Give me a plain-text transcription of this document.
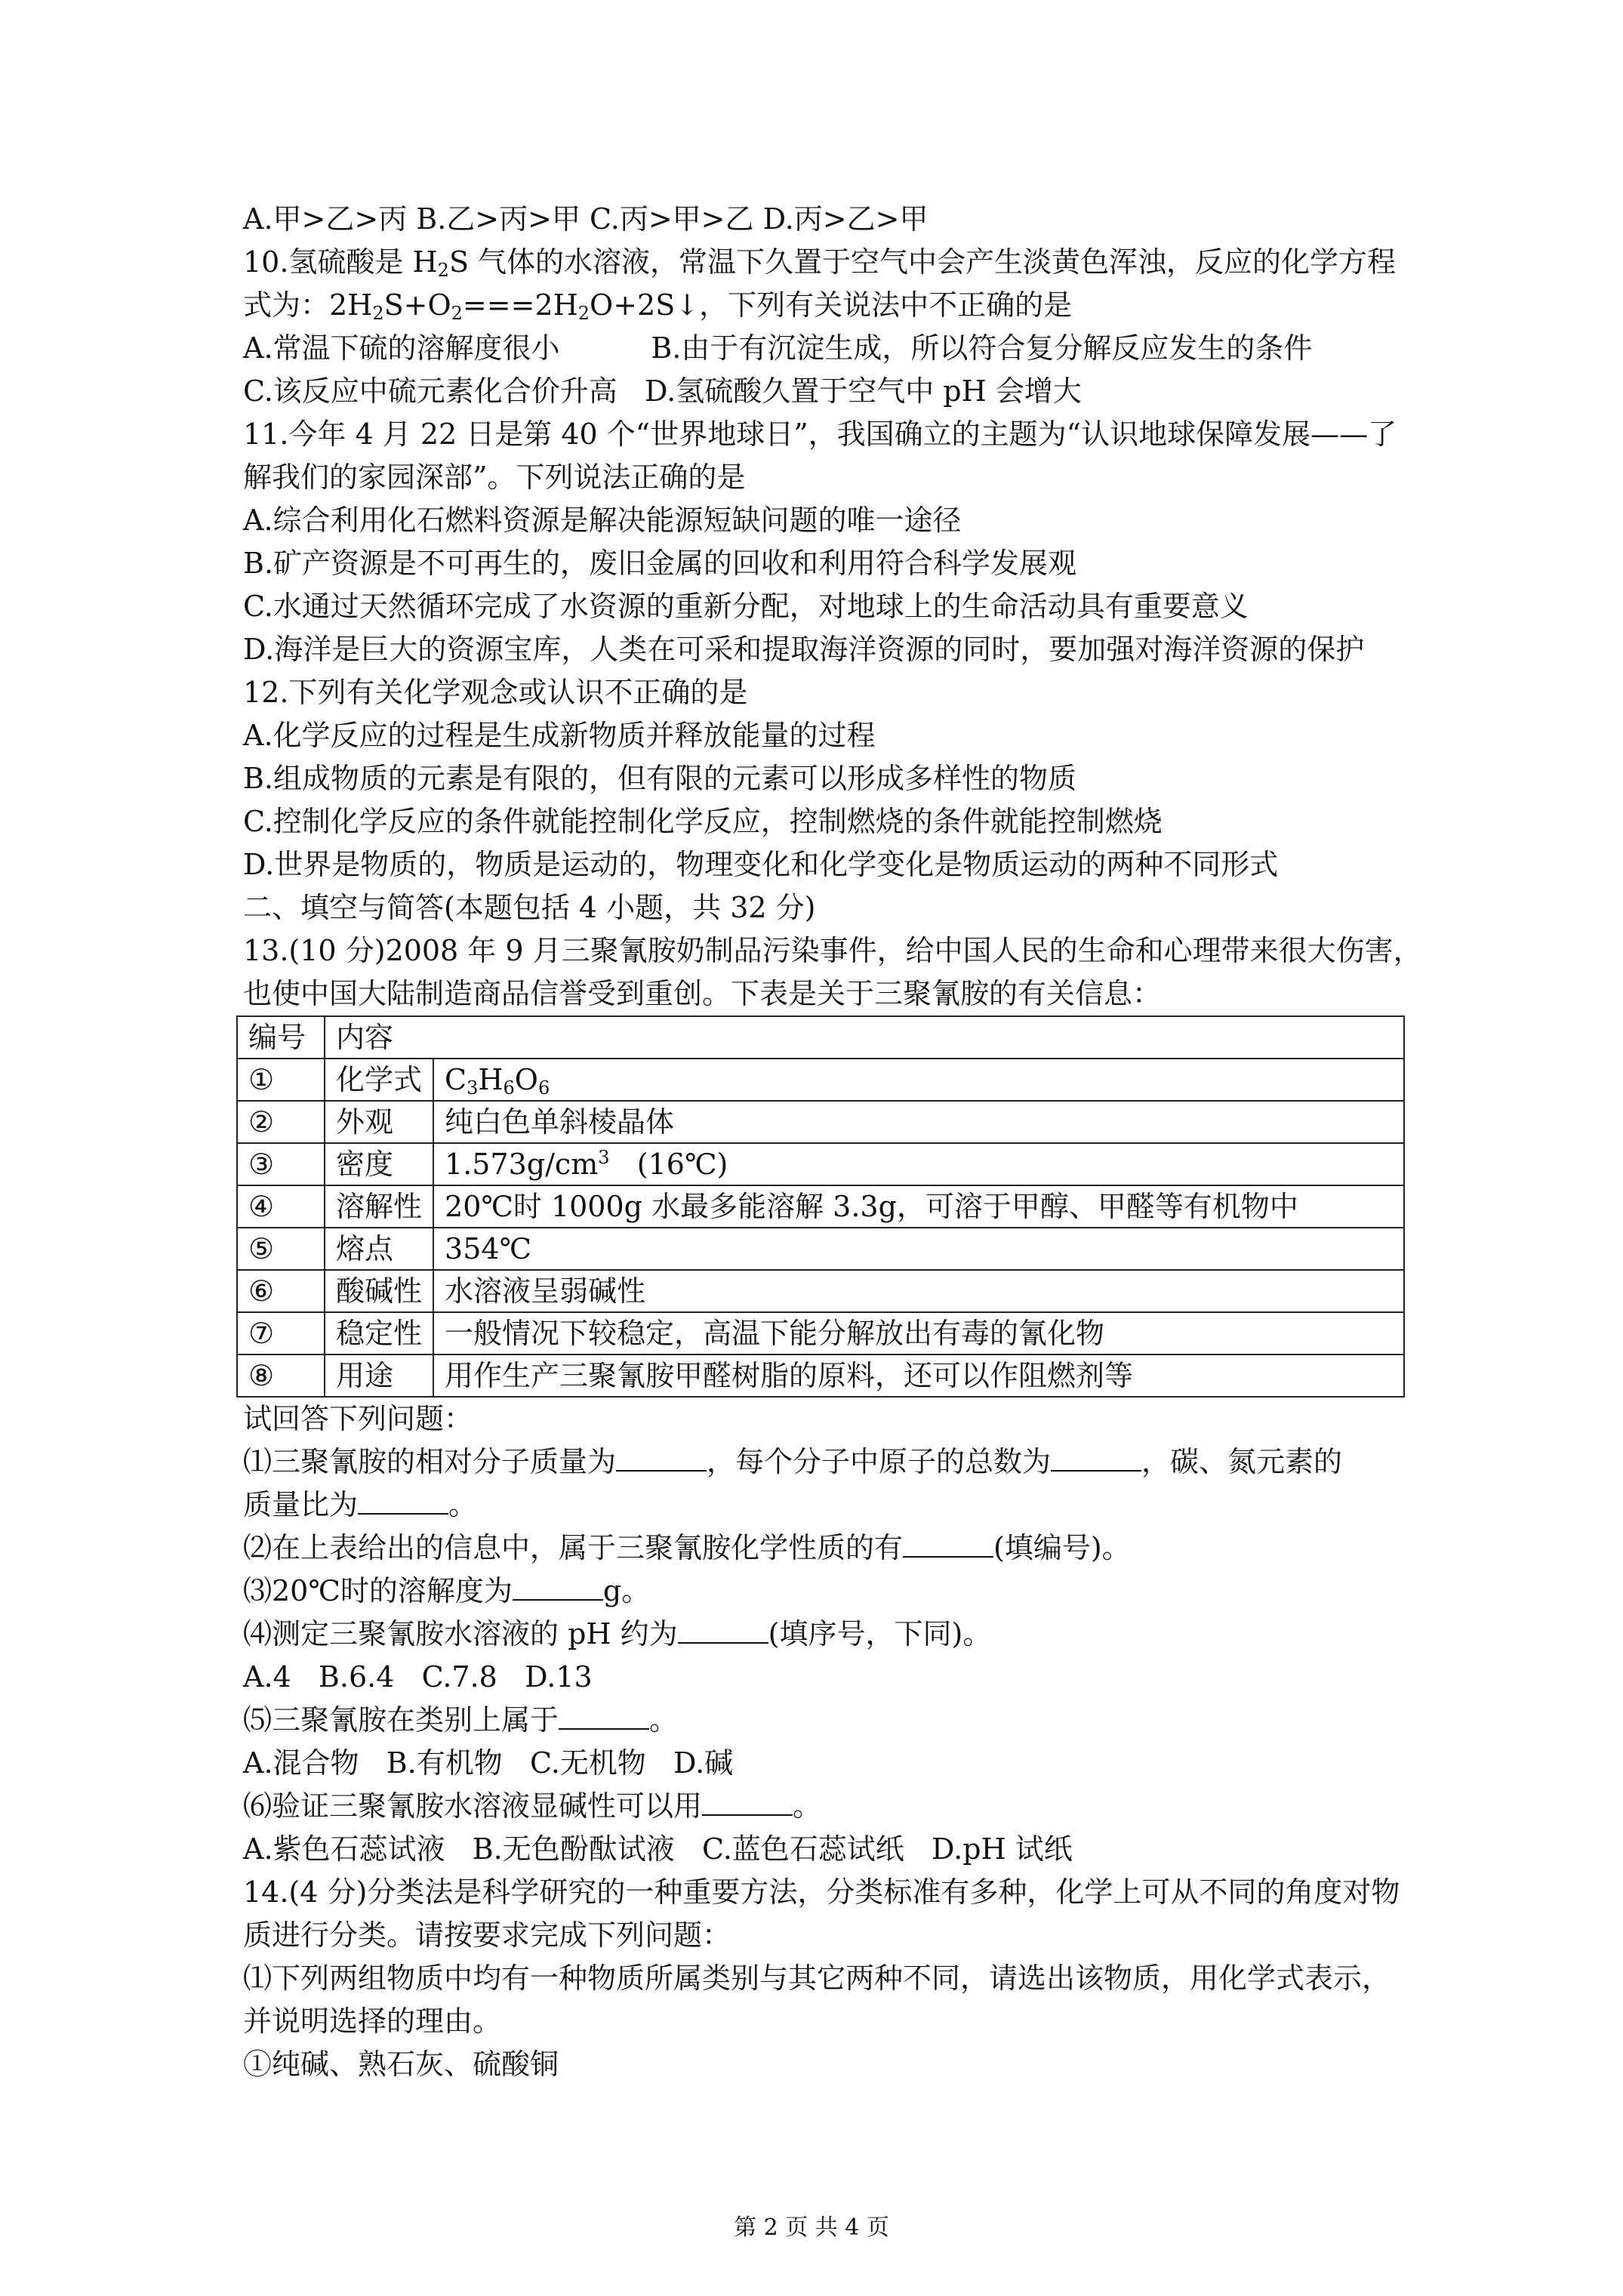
A.甲>乙>丙 B.乙>丙>甲 C.丙>甲>乙 D.丙>乙>甲
10.氢硫酸是 $H_2S$ 气体的水溶液，常温下久置于空气中会产生淡黄色浑浊，反应的化学方程
式为：$2H_2S+O_2===2H_2O+2S↓$，下列有关说法中不正确的是
A.常温下硫的溶解度很小          B.由于有沉淀生成，所以符合复分解反应发生的条件
C.该反应中硫元素化合价升高   D.氢硫酸久置于空气中 pH 会增大
11.今年 4 月 22 日是第 40 个“世界地球日”，我国确立的主题为“认识地球保障发展——了
解我们的家园深部”。下列说法正确的是
A.综合利用化石燃料资源是解决能源短缺问题的唯一途径
B.矿产资源是不可再生的，废旧金属的回收和利用符合科学发展观
C.水通过天然循环完成了水资源的重新分配，对地球上的生命活动具有重要意义
D.海洋是巨大的资源宝库，人类在可采和提取海洋资源的同时，要加强对海洋资源的保护
12.下列有关化学观念或认识不正确的是
A.化学反应的过程是生成新物质并释放能量的过程
B.组成物质的元素是有限的，但有限的元素可以形成多样性的物质
C.控制化学反应的条件就能控制化学反应，控制燃烧的条件就能控制燃烧
D.世界是物质的，物质是运动的，物理变化和化学变化是物质运动的两种不同形式
二、填空与简答(本题包括 4 小题，共 32 分)
13.(10 分)2008 年 9 月三聚氰胺奶制品污染事件，给中国人民的生命和心理带来很大伤害，
也使中国大陆制造商品信誉受到重创。下表是关于三聚氰胺的有关信息：
编号	内容	
①	化学式	$C_3H_6O_6$
②	外观	纯白色单斜棱晶体
③	密度	$1.573g/cm^3$   (16℃)
④	溶解性	20℃时 1000g 水最多能溶解 3.3g，可溶于甲醇、甲醛等有机物中
⑤	熔点	354℃
⑥	酸碱性	水溶液呈弱碱性
⑦	稳定性	一般情况下较稳定，高温下能分解放出有毒的氰化物
⑧	用途	用作生产三聚氰胺甲醛树脂的原料，还可以作阻燃剂等
试回答下列问题：
⑴三聚氰胺的相对分子质量为	，每个分子中原子的总数为	，碳、氮元素的
质量比为	。
⑵在上表给出的信息中，属于三聚氰胺化学性质的有	(填编号)。
⑶20℃时的溶解度为	g。
⑷测定三聚氰胺水溶液的 pH 约为	(填序号，下同)。
A.4   B.6.4   C.7.8   D.13
⑸三聚氰胺在类别上属于	。
A.混合物   B.有机物   C.无机物   D.碱
⑹验证三聚氰胺水溶液显碱性可以用	。
A.紫色石蕊试液   B.无色酚酞试液   C.蓝色石蕊试纸   D.pH 试纸
14.(4 分)分类法是科学研究的一种重要方法，分类标准有多种，化学上可从不同的角度对物
质进行分类。请按要求完成下列问题：
⑴下列两组物质中均有一种物质所属类别与其它两种不同，请选出该物质，用化学式表示，
并说明选择的理由。
①纯碱、熟石灰、硫酸铜
第 2 页 共 4 页
